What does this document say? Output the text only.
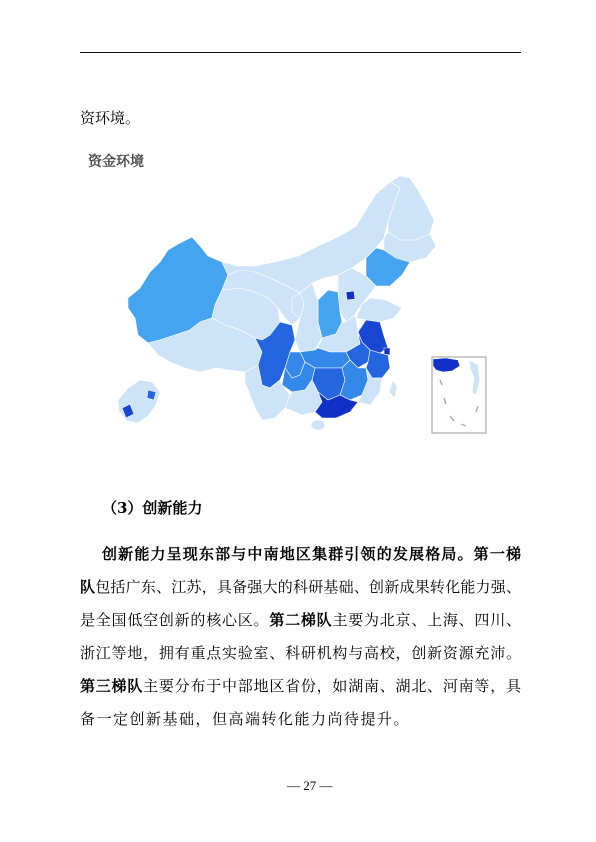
资环境。
资金环境
（3）创新能力
创新能力呈现东部与中南地区集群引领的发展格局。第一梯
队包括广东、江苏，具备强大的科研基础、创新成果转化能力强、
是全国低空创新的核心区。第二梯队主要为北京、上海、四川、
浙江等地，拥有重点实验室、科研机构与高校，创新资源充沛。
第三梯队主要分布于中部地区省份，如湖南、湖北、河南等，具
备一定创新基础，但高端转化能力尚待提升。
— 27 —
